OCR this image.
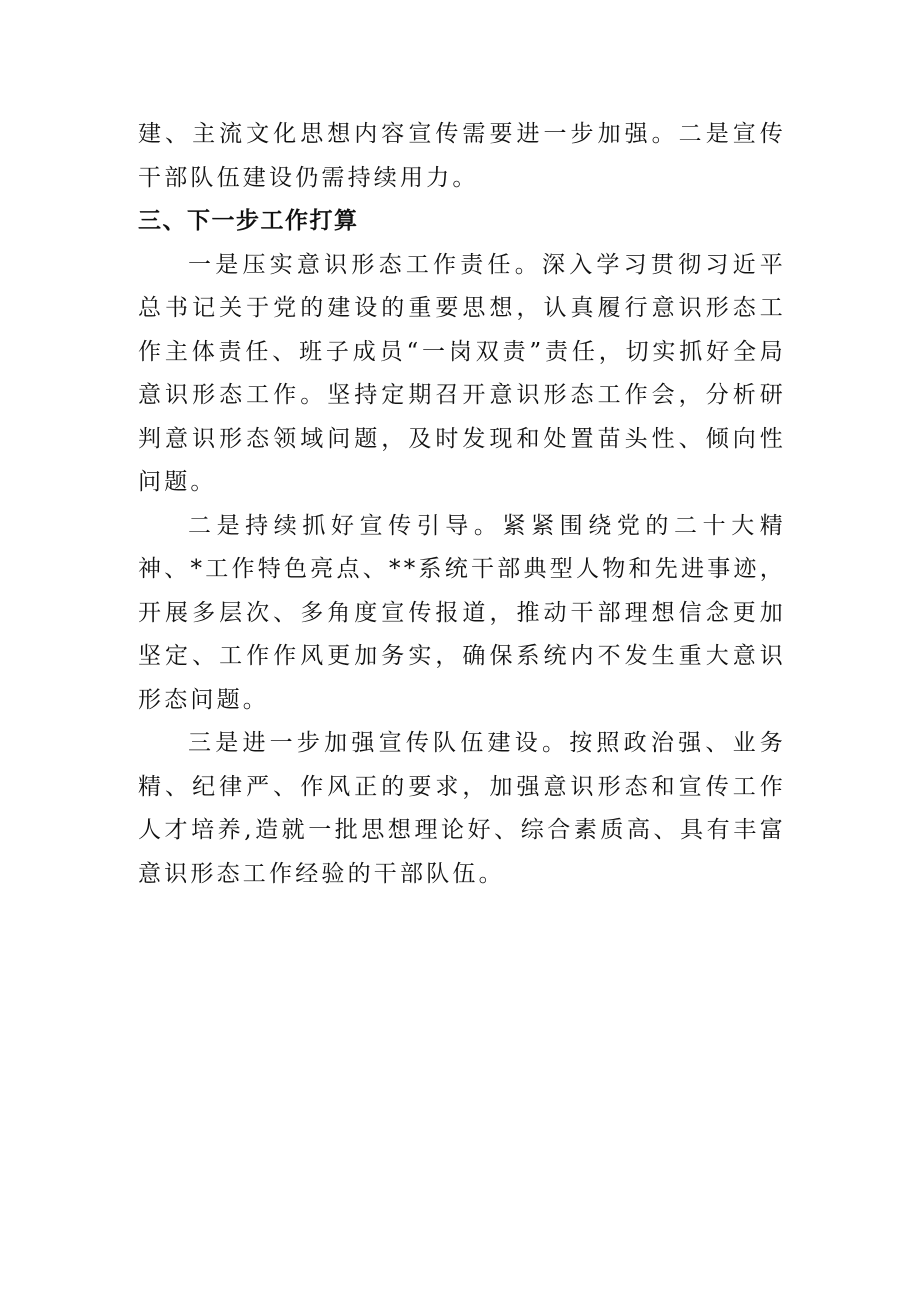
建、主流文化思想内容宣传需要进一步加强。二是宣传干部队伍建设仍需持续用力。

三、下一步工作打算

一是压实意识形态工作责任。深入学习贯彻习近平总书记关于党的建设的重要思想，认真履行意识形态工作主体责任、班子成员“一岗双责”责任，切实抓好全局意识形态工作。坚持定期召开意识形态工作会，分析研判意识形态领域问题，及时发现和处置苗头性、倾向性问题。

二是持续抓好宣传引导。紧紧围绕党的二十大精神、*工作特色亮点、**系统干部典型人物和先进事迹，开展多层次、多角度宣传报道，推动干部理想信念更加坚定、工作作风更加务实，确保系统内不发生重大意识形态问题。

三是进一步加强宣传队伍建设。按照政治强、业务精、纪律严、作风正的要求，加强意识形态和宣传工作人才培养,造就一批思想理论好、综合素质高、具有丰富意识形态工作经验的干部队伍。
